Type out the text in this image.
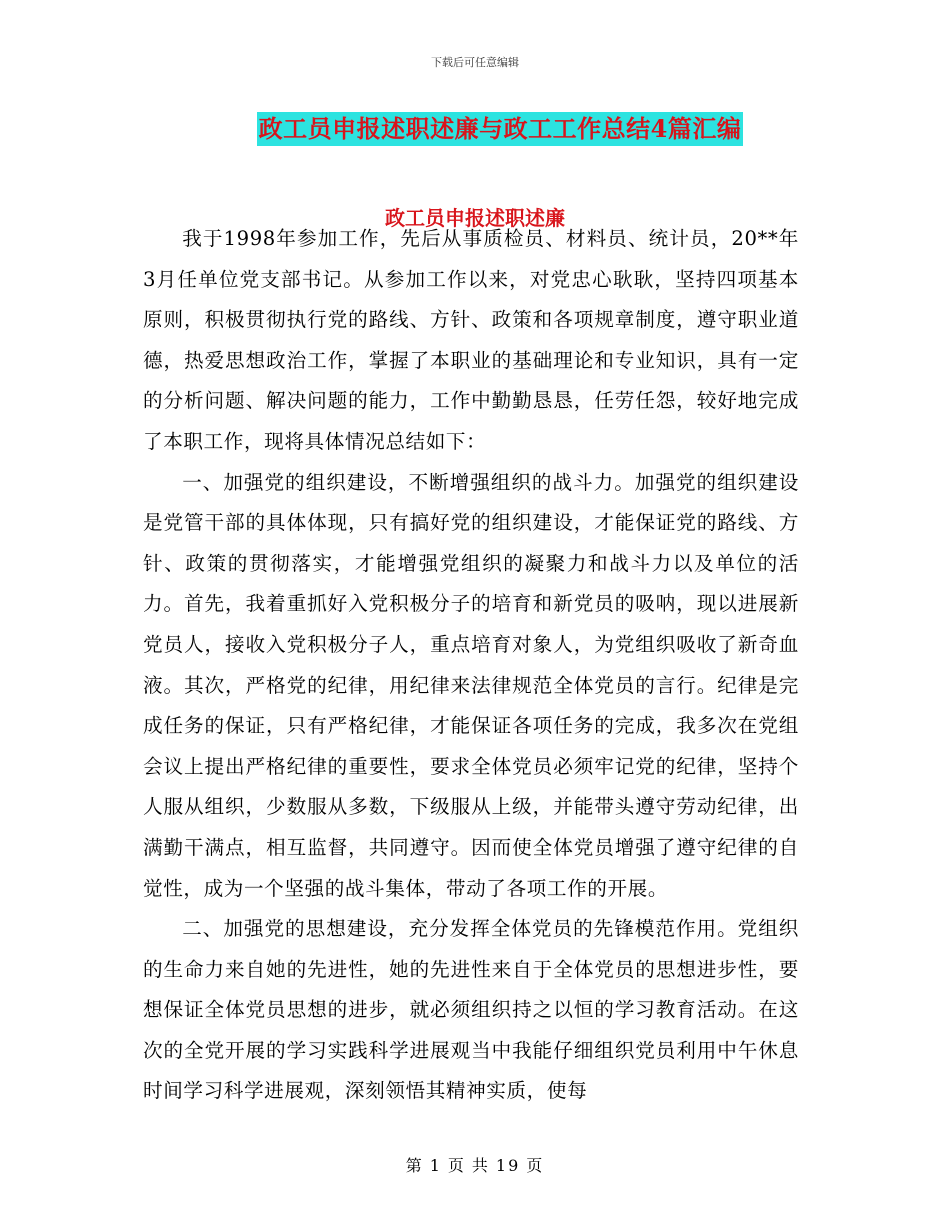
下载后可任意编辑
政工员申报述职述廉与政工工作总结4篇汇编
政工员申报述职述廉

我于1998年参加工作，先后从事质检员、材料员、统计员，20**年3月任单位党支部书记。从参加工作以来，对党忠心耿耿，坚持四项基本原则，积极贯彻执行党的路线、方针、政策和各项规章制度，遵守职业道德，热爱思想政治工作，掌握了本职业的基础理论和专业知识，具有一定的分析问题、解决问题的能力，工作中勤勤恳恳，任劳任怨，较好地完成了本职工作，现将具体情况总结如下：

一、加强党的组织建设，不断增强组织的战斗力。加强党的组织建设是党管干部的具体体现，只有搞好党的组织建设，才能保证党的路线、方针、政策的贯彻落实，才能增强党组织的凝聚力和战斗力以及单位的活力。首先，我着重抓好入党积极分子的培育和新党员的吸呐，现以进展新党员人，接收入党积极分子人，重点培育对象人，为党组织吸收了新奇血液。其次，严格党的纪律，用纪律来法律规范全体党员的言行。纪律是完成任务的保证，只有严格纪律，才能保证各项任务的完成，我多次在党组会议上提出严格纪律的重要性，要求全体党员必须牢记党的纪律，坚持个人服从组织，少数服从多数，下级服从上级，并能带头遵守劳动纪律，出满勤干满点，相互监督，共同遵守。因而使全体党员增强了遵守纪律的自觉性，成为一个坚强的战斗集体，带动了各项工作的开展。

二、加强党的思想建设，充分发挥全体党员的先锋模范作用。党组织的生命力来自她的先进性，她的先进性来自于全体党员的思想进步性，要想保证全体党员思想的进步，就必须组织持之以恒的学习教育活动。在这次的全党开展的学习实践科学进展观当中我能仔细组织党员利用中午休息时间学习科学进展观，深刻领悟其精神实质，使每

第 1 页 共 19 页
